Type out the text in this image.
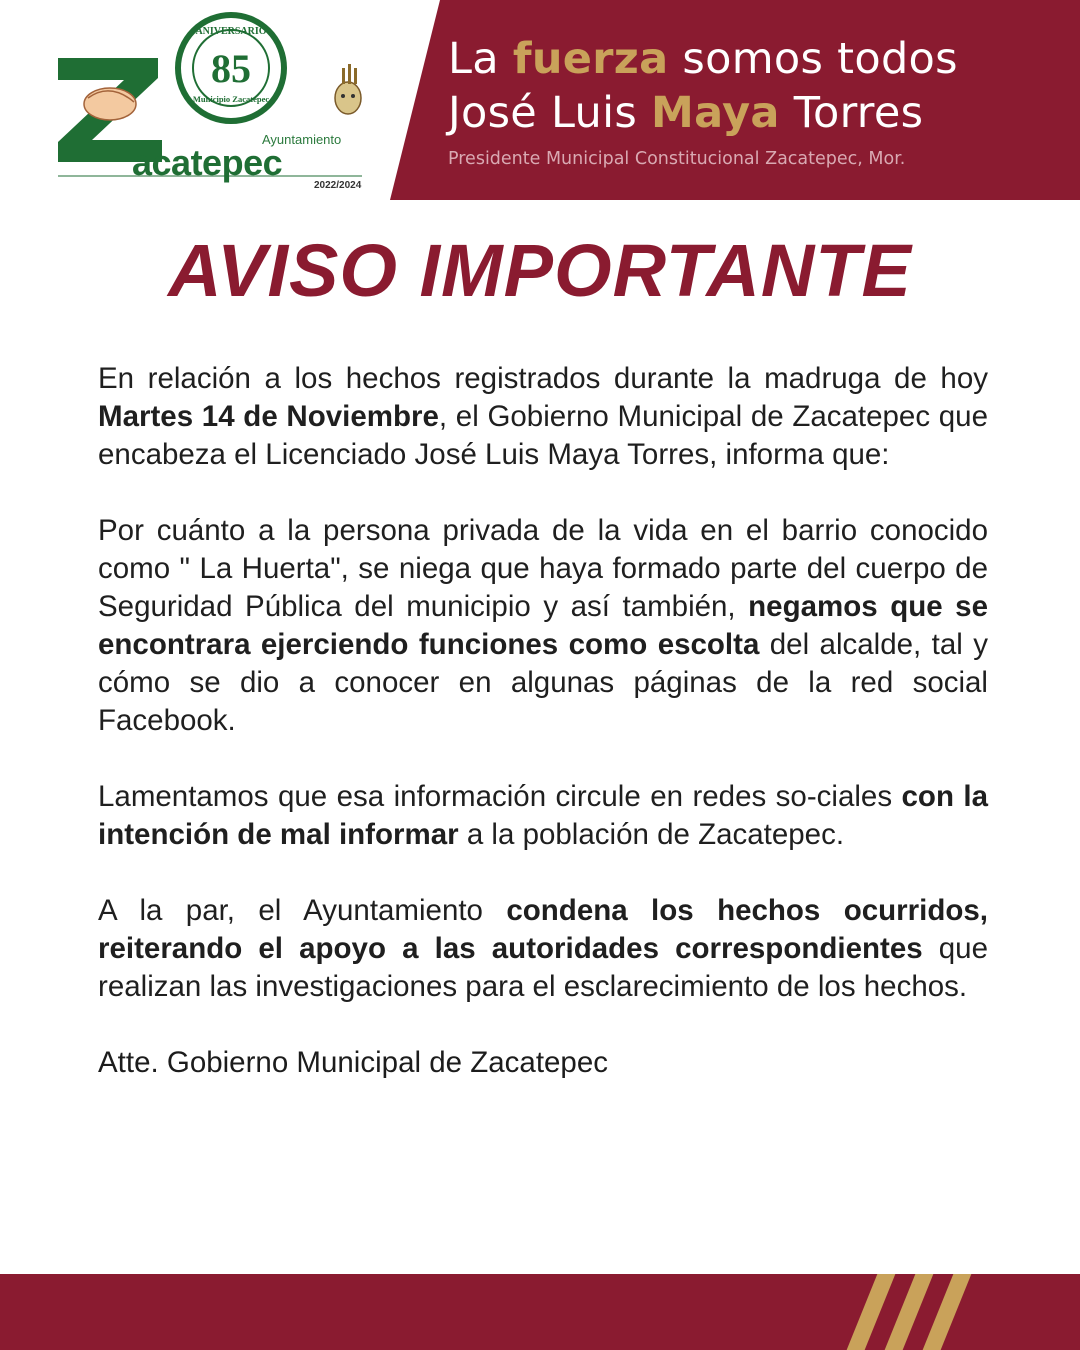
85
ANIVERSARIO
Municipio Zacatepec
Ayuntamiento
acatepec
2022/2024
La fuerza somos todos
José Luis Maya Torres
Presidente Municipal Constitucional Zacatepec, Mor.
AVISO IMPORTANTE

En relación a los hechos registrados durante la madruga de hoy Martes 14 de Noviembre, el Gobierno Municipal de Zacatepec que encabeza el Licenciado José Luis Maya Torres, informa que:

Por cuánto a la persona privada de la vida en el barrio conocido como " La Huerta", se niega que haya formado parte del cuerpo de Seguridad Pública del municipio y así también, negamos que se encontrara ejerciendo funciones como escolta del alcalde, tal y cómo se dio a conocer en algunas páginas de la red social Facebook.

Lamentamos que esa información circule en redes so-ciales con la intención de mal informar a la población de Zacatepec.

A la par, el Ayuntamiento condena los hechos ocurridos, reiterando el apoyo a las autoridades correspondientes que realizan las investigaciones para el esclarecimiento de los hechos.

Atte. Gobierno Municipal de Zacatepec
